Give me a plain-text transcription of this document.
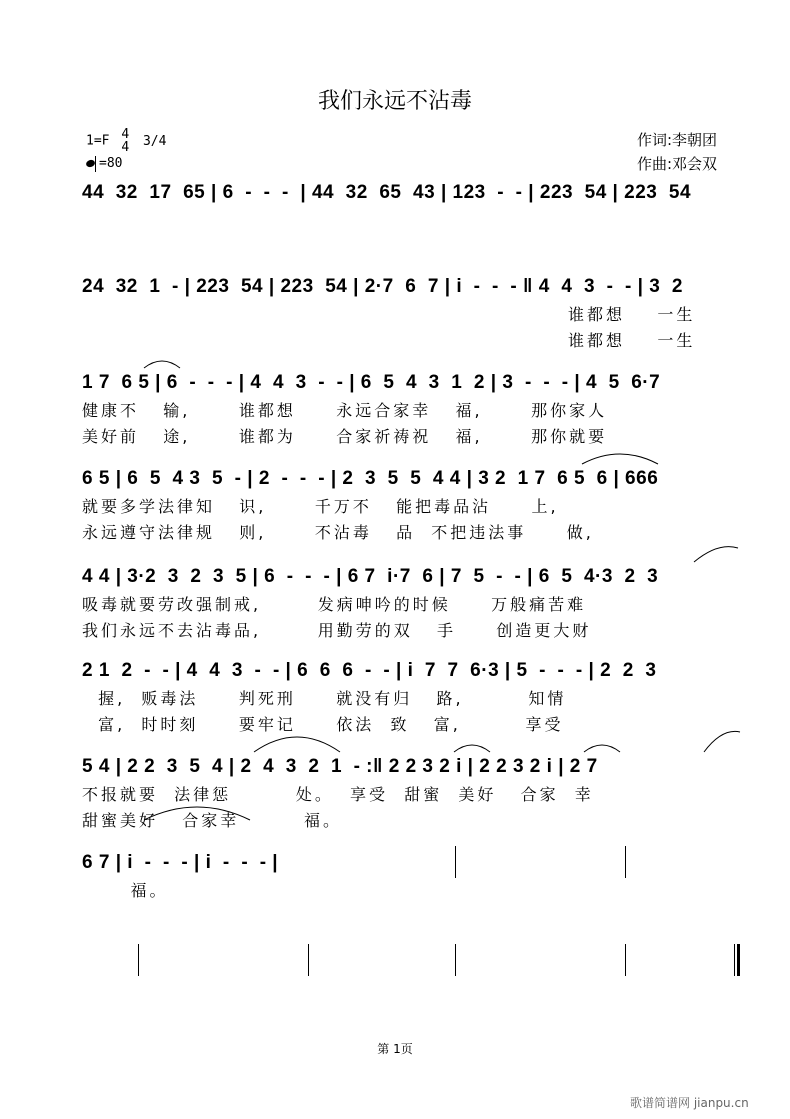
我们永远不沾毒
1=F 4
4 3/4
=80
作词:李朝团
作曲:邓会双
44  32  17  65 | 6  -  -  -  | 44  32  65  43 | 123  -  - | 223  54 | 223  54
24  32  1  - | 223  54 | 223  54 | 2·7  6  7 | i  -  -  - ‖ 4  4  3  -  - | 3  2
谁都想    一生
谁都想    一生
1 7  6 5 | 6  -  -  - | 4  4  3  -  - | 6  5  4  3  1  2 | 3  -  -  - | 4  5  6·7
健康不   输,      谁都想     永远合家幸   福,      那你家人
美好前   途,      谁都为     合家祈祷祝   福,      那你就要
6 5 | 6  5  4 3  5  - | 2  -  -  - | 2  3  5  5  4 4 | 3 2  1 7  6 5  6 | 666
就要多学法律知   识,      千万不   能把毒品沾     上,
永远遵守法律规   则,      不沾毒   品  不把违法事     做,
4 4 | 3·2  3  2  3  5 | 6  -  -  - | 6 7  i·7  6 | 7  5  -  - | 6  5  4·3  2  3
吸毒就要劳改强制戒,       发病呻吟的时候     万般痛苦难
我们永远不去沾毒品,       用勤劳的双   手     创造更大财
2 1  2  -  - | 4  4  3  -  - | 6  6  6  -  - | i  7  7  6·3 | 5  -  -  - | 2  2  3
握,  贩毒法     判死刑     就没有归   路,        知情
富,  时时刻     要牢记     依法  致   富,        享受
5 4 | 2 2  3  5  4 | 2  4  3  2  1  - :‖ 2 2 3 2 i | 2 2 3 2 i | 2 7
不报就要  法律惩        处。  享受  甜蜜  美好   合家  幸
甜蜜美好   合家幸        福。
6 7 | i  -  -  - | i  -  -  - |
福。
第 1页
歌谱简谱网 jianpu.cn
